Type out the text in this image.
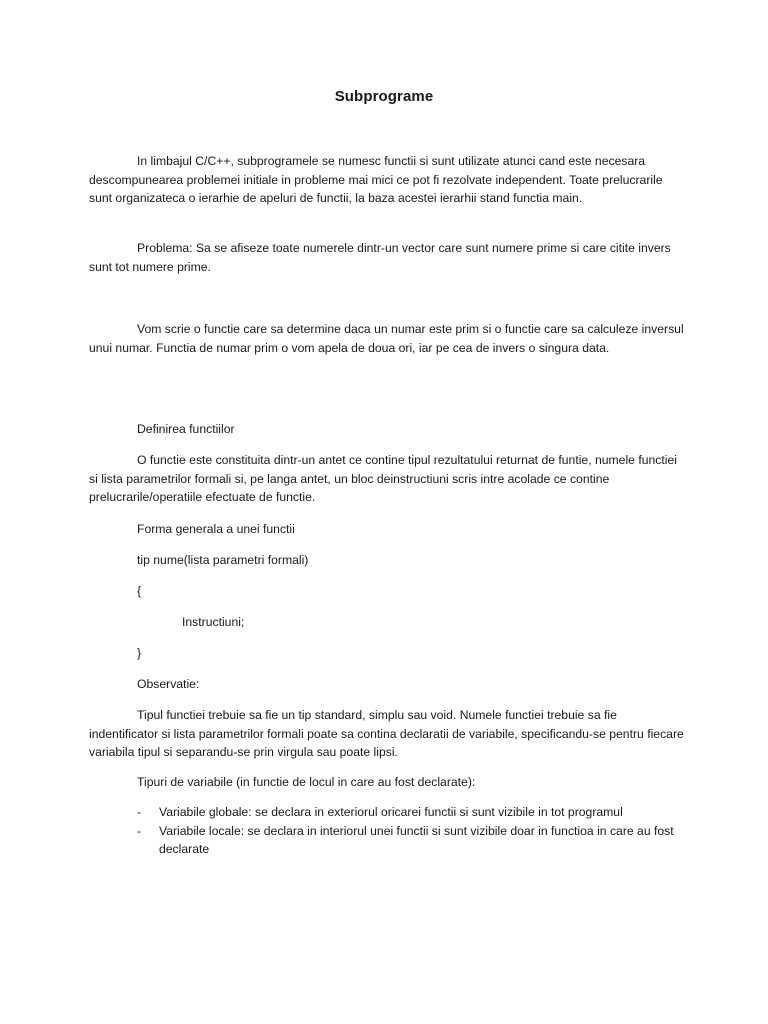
Subprograme

In limbajul C/C++, subprogramele se numesc functii si sunt utilizate atunci cand este necesara descompunearea problemei initiale in probleme mai mici ce pot fi rezolvate independent. Toate prelucrarile sunt organizateca o ierarhie de apeluri de functii, la baza acestei ierarhii stand functia main.

Problema: Sa se afiseze toate numerele dintr-un vector care sunt numere prime si care citite invers sunt tot numere prime.

Vom scrie o functie care sa determine daca un numar este prim si o functie care sa calculeze inversul unui numar. Functia de numar prim o vom apela de doua ori, iar pe cea de invers o singura data.

Definirea functiilor

O functie este constituita dintr-un antet ce contine tipul rezultatului returnat de funtie, numele functiei si lista parametrilor formali si, pe langa antet, un bloc deinstructiuni scris intre acolade ce contine prelucrarile/operatiile efectuate de functie.

Forma generala a unei functii

tip nume(lista parametri formali)

{

Instructiuni;

}

Observatie:

Tipul functiei trebuie sa fie un tip standard, simplu sau void. Numele functiei trebuie sa fie indentificator si lista parametrilor formali poate sa contina declaratii de variabile, specificandu-se pentru fiecare variabila tipul si separandu-se prin virgula sau poate lipsi.

Tipuri de variabile (in functie de locul in care au fost declarate):

- Variabile globale: se declara in exteriorul oricarei functii si sunt vizibile in tot programul
- Variabile locale: se declara in interiorul unei functii si sunt vizibile doar in functioa in care au fost declarate
